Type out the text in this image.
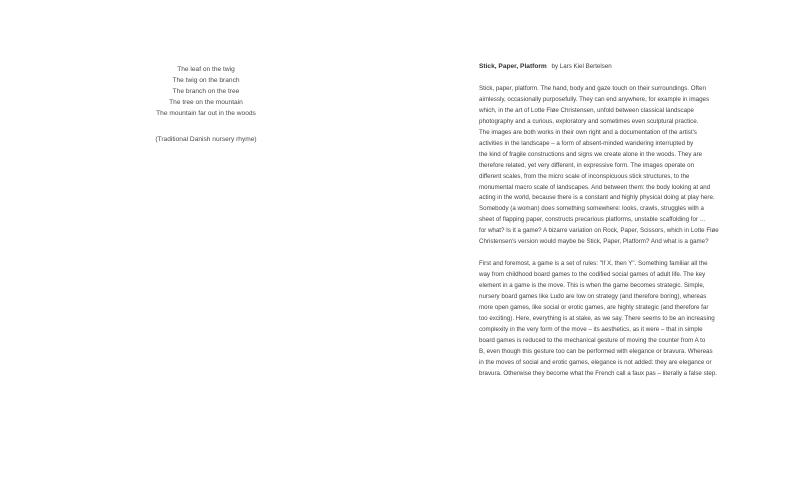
The leaf on the twig
The twig on the branch
The branch on the tree
The tree on the mountain
The mountain far out in the woods
(Traditional Danish nursery rhyme)
Stick, Paper, Platform by Lars Kiel Bertelsen
Stick, paper, platform. The hand, body and gaze touch on their surroundings. Often
aimlessly, occasionally purposefully. They can end anywhere, for example in images
which, in the art of Lotte Fløe Christensen, unfold between classical landscape
photography and a curious, exploratory and sometimes even sculptural practice.
The images are both works in their own right and a documentation of the artist's
activities in the landscape – a form of absent-minded wandering interrupted by
the kind of fragile constructions and signs we create alone in the woods. They are
therefore related, yet very different, in expressive form. The images operate on
different scales, from the micro scale of inconspicuous stick structures, to the
monumental macro scale of landscapes. And between them: the body looking at and
acting in the world, because there is a constant and highly physical doing at play here.
Somebody (a woman) does something somewhere: looks, crawls, struggles with a
sheet of flapping paper, constructs precarious platforms, unstable scaffolding for …
for what? Is it a game? A bizarre variation on Rock, Paper, Scissors, which in Lotte Fløe
Christensen's version would maybe be Stick, Paper, Platform? And what is a game?
First and foremost, a game is a set of rules: "If X, then Y". Something familiar all the
way from childhood board games to the codified social games of adult life. The key
element in a game is the move. This is when the game becomes strategic. Simple,
nursery board games like Ludo are low on strategy (and therefore boring), whereas
more open games, like social or erotic games, are highly strategic (and therefore far
too exciting). Here, everything is at stake, as we say. There seems to be an increasing
complexity in the very form of the move – its aesthetics, as it were – that in simple
board games is reduced to the mechanical gesture of moving the counter from A to
B, even though this gesture too can be performed with elegance or bravura. Whereas
in the moves of social and erotic games, elegance is not added: they are elegance or
bravura. Otherwise they become what the French call a faux pas – literally a false step.
